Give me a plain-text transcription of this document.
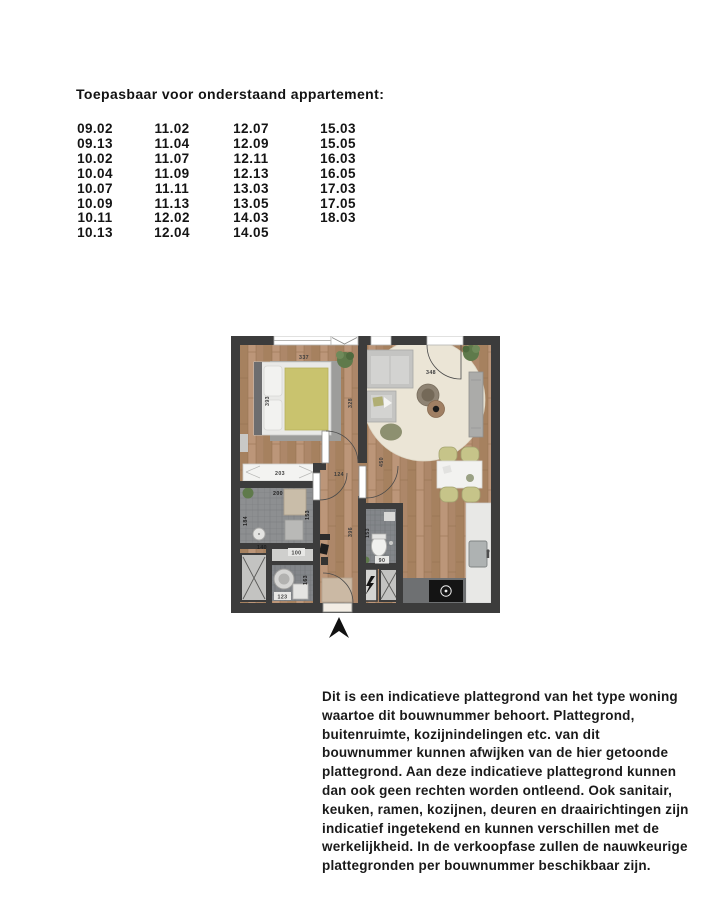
Toepasbaar voor onderstaand appartement:
09.02	11.02	12.07	15.03
09.13	11.04	12.09	15.05
10.02	11.07	12.11	16.03
10.04	11.09	12.13	16.05
10.07	11.11	13.03	17.03
10.09	11.13	13.05	17.05
10.11	12.02	14.03	18.03
10.13	12.04	14.05
337
393	328
348
450
203	124
200
184
153
140
100
163
123
396
90
153

Dit is een indicatieve plattegrond van het type woning waartoe dit bouwnummer behoort. Plattegrond, buitenruimte, kozijnindelingen etc. van dit bouwnummer kunnen afwijken van de hier getoonde plattegrond. Aan deze indicatieve plattegrond kunnen dan ook geen rechten worden ontleend. Ook sanitair, keuken, ramen, kozijnen, deuren en draairichtingen zijn indicatief ingetekend en kunnen verschillen met de werkelijkheid. In de verkoopfase zullen de nauwkeurige plattegronden per bouwnummer beschikbaar zijn.
